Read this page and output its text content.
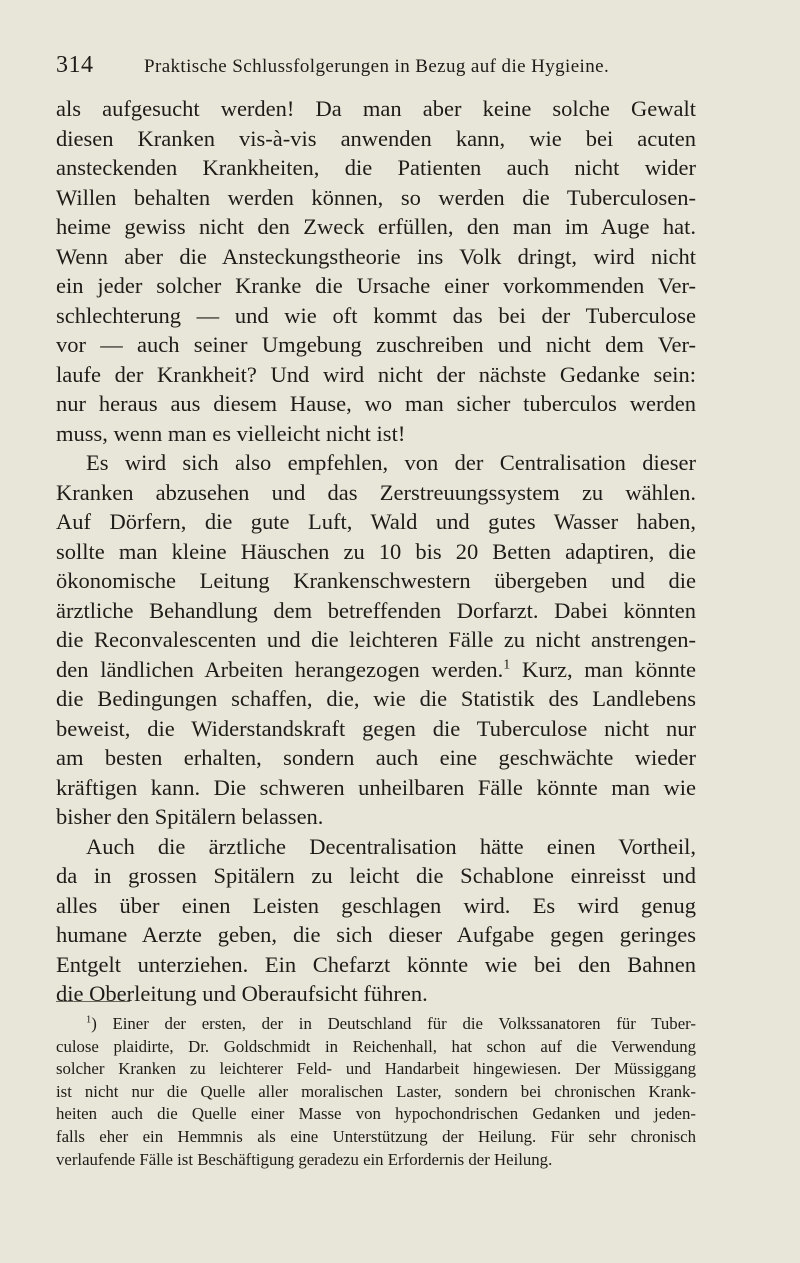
314	Praktische Schlussfolgerungen in Bezug auf die Hygieine.
als aufgesucht werden! Da man aber keine solche Gewalt
diesen Kranken vis-à-vis anwenden kann, wie bei acuten
ansteckenden Krankheiten, die Patienten auch nicht wider
Willen behalten werden können, so werden die Tuberculosen-
heime gewiss nicht den Zweck erfüllen, den man im Auge hat.
Wenn aber die Ansteckungstheorie ins Volk dringt, wird nicht
ein jeder solcher Kranke die Ursache einer vorkommenden Ver-
schlechterung — und wie oft kommt das bei der Tuberculose
vor — auch seiner Umgebung zuschreiben und nicht dem Ver-
laufe der Krankheit? Und wird nicht der nächste Gedanke sein:
nur heraus aus diesem Hause, wo man sicher tuberculos werden
muss, wenn man es vielleicht nicht ist!
Es wird sich also empfehlen, von der Centralisation dieser
Kranken abzusehen und das Zerstreuungssystem zu wählen.
Auf Dörfern, die gute Luft, Wald und gutes Wasser haben,
sollte man kleine Häuschen zu 10 bis 20 Betten adaptiren, die
ökonomische Leitung Krankenschwestern übergeben und die
ärztliche Behandlung dem betreffenden Dorfarzt. Dabei könnten
die Reconvalescenten und die leichteren Fälle zu nicht anstrengen-
den ländlichen Arbeiten herangezogen werden.$^1$ Kurz, man könnte
die Bedingungen schaffen, die, wie die Statistik des Landlebens
beweist, die Widerstandskraft gegen die Tuberculose nicht nur
am besten erhalten, sondern auch eine geschwächte wieder
kräftigen kann. Die schweren unheilbaren Fälle könnte man wie
bisher den Spitälern belassen.
Auch die ärztliche Decentralisation hätte einen Vortheil,
da in grossen Spitälern zu leicht die Schablone einreisst und
alles über einen Leisten geschlagen wird. Es wird genug
humane Aerzte geben, die sich dieser Aufgabe gegen geringes
Entgelt unterziehen. Ein Chefarzt könnte wie bei den Bahnen
die Oberleitung und Oberaufsicht führen.
$^1$) Einer der ersten, der in Deutschland für die Volkssanatoren für Tuber-
culose plaidirte, Dr. Goldschmidt in Reichenhall, hat schon auf die Verwendung
solcher Kranken zu leichterer Feld- und Handarbeit hingewiesen. Der Müssiggang
ist nicht nur die Quelle aller moralischen Laster, sondern bei chronischen Krank-
heiten auch die Quelle einer Masse von hypochondrischen Gedanken und jeden-
falls eher ein Hemmnis als eine Unterstützung der Heilung. Für sehr chronisch
verlaufende Fälle ist Beschäftigung geradezu ein Erfordernis der Heilung.
